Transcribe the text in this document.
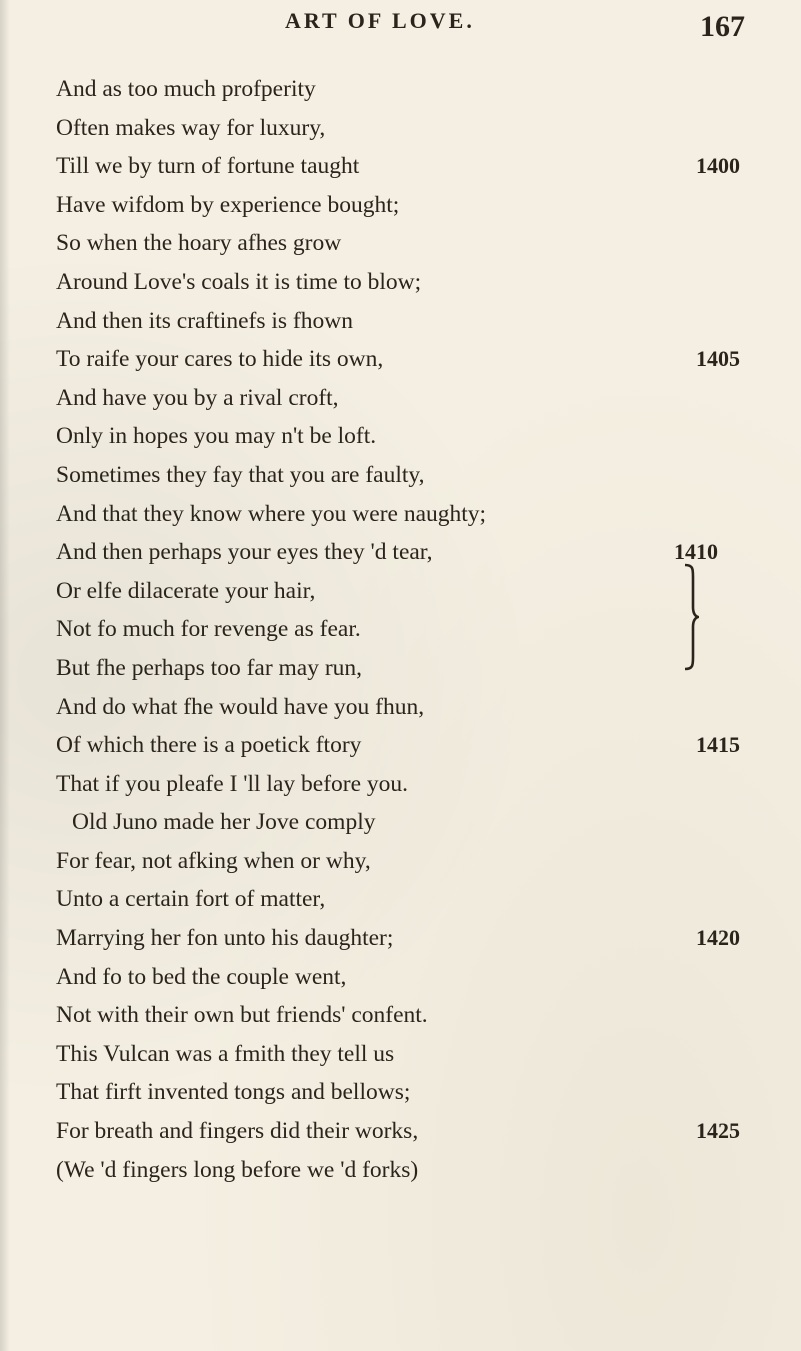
ART OF LOVE.	167
And as too much profperity
Often makes way for luxury,
Till we by turn of fortune taught	1400
Have wifdom by experience bought;
So when the hoary afhes grow
Around Love's coals it is time to blow;
And then its craftinefs is fhown
To raife your cares to hide its own,	1405
And have you by a rival croft,
Only in hopes you may n't be loft.
Sometimes they fay that you are faulty,
And that they know where you were naughty;
And then perhaps your eyes they 'd tear,	1410
Or elfe dilacerate your hair,
Not fo much for revenge as fear.
But fhe perhaps too far may run,
And do what fhe would have you fhun,
Of which there is a poetick ftory	1415
That if you pleafe I 'll lay before you.
Old Juno made her Jove comply
For fear, not afking when or why,
Unto a certain fort of matter,
Marrying her fon unto his daughter;	1420
And fo to bed the couple went,
Not with their own but friends' confent.
This Vulcan was a fmith they tell us
That firft invented tongs and bellows;
For breath and fingers did their works,	1425
(We 'd fingers long before we 'd forks)
